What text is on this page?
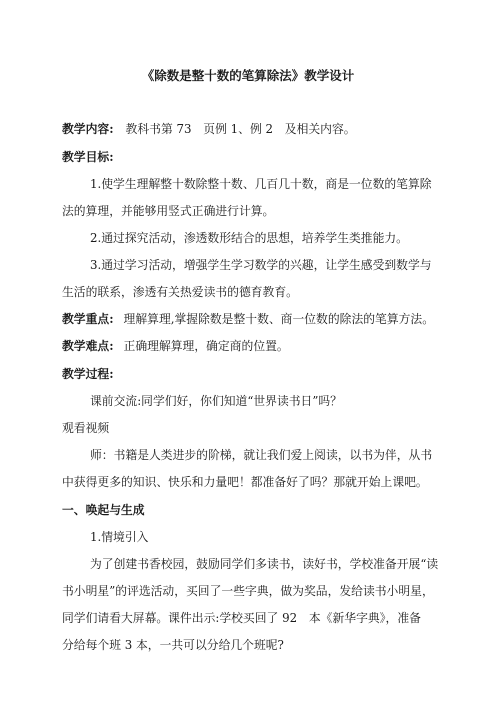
《除数是整十数的笔算除法》教学设计
教学内容: 教科书第 73　页例 1、例 2　及相关内容。
教学目标:
1.使学生理解整十数除整十数、几百几十数，商是一位数的笔算除
法的算理，并能够用竖式正确进行计算。
2.通过探究活动，渗透数形结合的思想，培养学生类推能力。
3.通过学习活动，增强学生学习数学的兴趣，让学生感受到数学与
生活的联系，渗透有关热爱读书的德育教育。
教学重点: 理解算理,掌握除数是整十数、商一位数的除法的笔算方法。
教学难点: 正确理解算理，确定商的位置。
教学过程:
课前交流:同学们好，你们知道“世界读书日”吗？
观看视频
师：书籍是人类进步的阶梯，就让我们爱上阅读，以书为伴，从书
中获得更多的知识、快乐和力量吧！都准备好了吗？那就开始上课吧。
一、唤起与生成
1.情境引入
为了创建书香校园，鼓励同学们多读书，读好书，学校准备开展“读
书小明星”的评选活动，买回了一些字典，做为奖品，发给读书小明星，
同学们请看大屏幕。课件出示:学校买回了 92　本《新华字典》，准备
分给每个班 3 本，一共可以分给几个班呢?
